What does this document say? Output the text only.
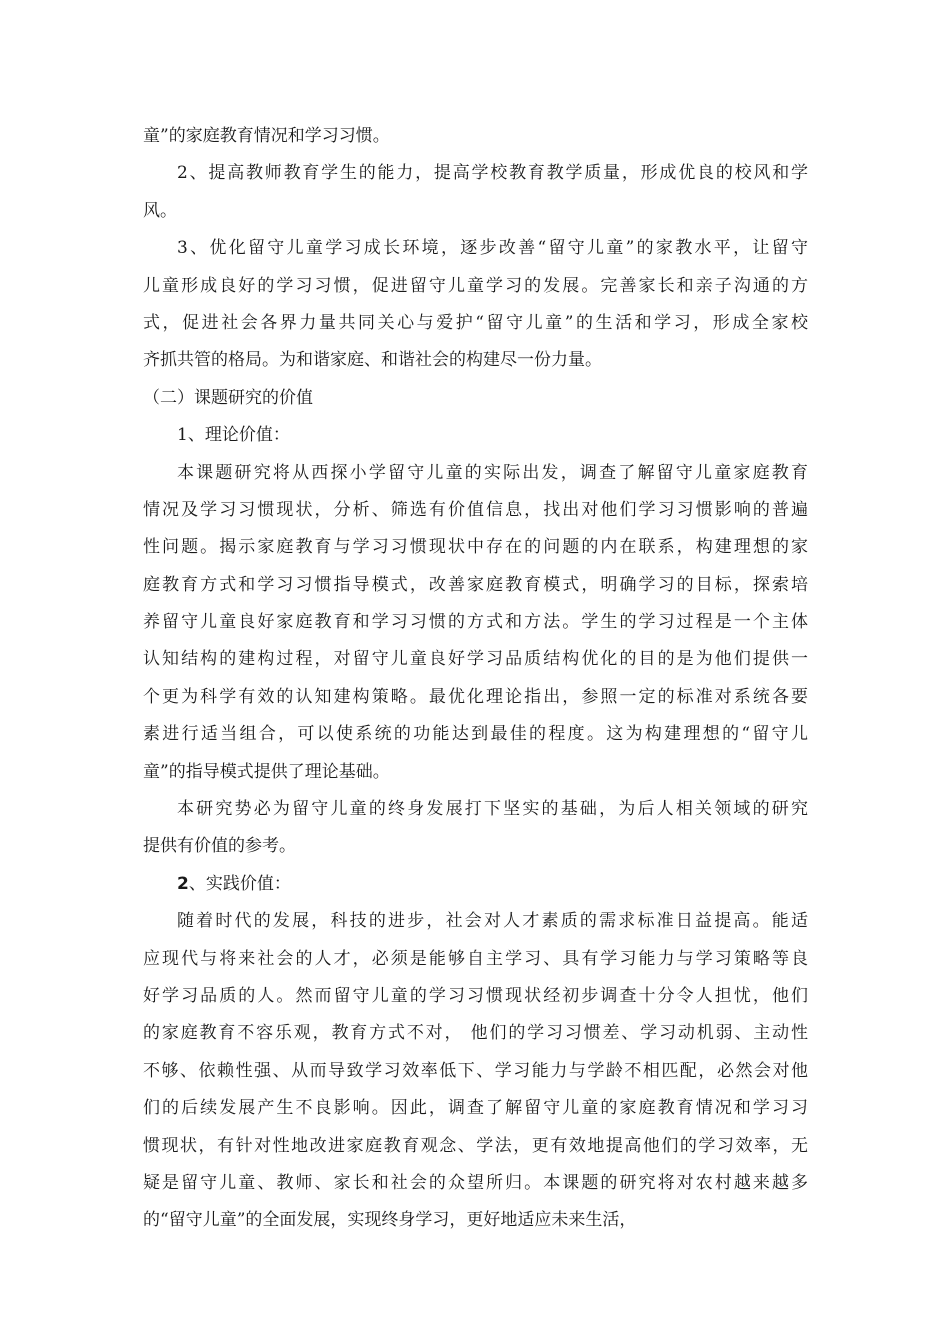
童”的家庭教育情况和学习习惯。
2、提高教师教育学生的能力，提高学校教育教学质量，形成优良的校风和学
风。
3、优化留守儿童学习成长环境，逐步改善“留守儿童”的家教水平，让留守
儿童形成良好的学习习惯，促进留守儿童学习的发展。完善家长和亲子沟通的方
式，促进社会各界力量共同关心与爱护“留守儿童”的生活和学习，形成全家校
齐抓共管的格局。为和谐家庭、和谐社会的构建尽一份力量。
（二）课题研究的价值
1、理论价值：
本课题研究将从西探小学留守儿童的实际出发，调查了解留守儿童家庭教育
情况及学习习惯现状，分析、筛选有价值信息，找出对他们学习习惯影响的普遍
性问题。揭示家庭教育与学习习惯现状中存在的问题的内在联系，构建理想的家
庭教育方式和学习习惯指导模式，改善家庭教育模式，明确学习的目标，探索培
养留守儿童良好家庭教育和学习习惯的方式和方法。学生的学习过程是一个主体
认知结构的建构过程，对留守儿童良好学习品质结构优化的目的是为他们提供一
个更为科学有效的认知建构策略。最优化理论指出，参照一定的标准对系统各要
素进行适当组合，可以使系统的功能达到最佳的程度。这为构建理想的“留守儿
童”的指导模式提供了理论基础。
本研究势必为留守儿童的终身发展打下坚实的基础，为后人相关领域的研究
提供有价值的参考。
2、实践价值：
随着时代的发展，科技的进步，社会对人才素质的需求标准日益提高。能适
应现代与将来社会的人才，必须是能够自主学习、具有学习能力与学习策略等良
好学习品质的人。然而留守儿童的学习习惯现状经初步调查十分令人担忧，他们
的家庭教育不容乐观，教育方式不对， 他们的学习习惯差、学习动机弱、主动性
不够、依赖性强、从而导致学习效率低下、学习能力与学龄不相匹配，必然会对他
们的后续发展产生不良影响。因此，调查了解留守儿童的家庭教育情况和学习习
惯现状，有针对性地改进家庭教育观念、学法，更有效地提高他们的学习效率，无
疑是留守儿童、教师、家长和社会的众望所归。本课题的研究将对农村越来越多
的“留守儿童”的全面发展，实现终身学习，更好地适应未来生活，
